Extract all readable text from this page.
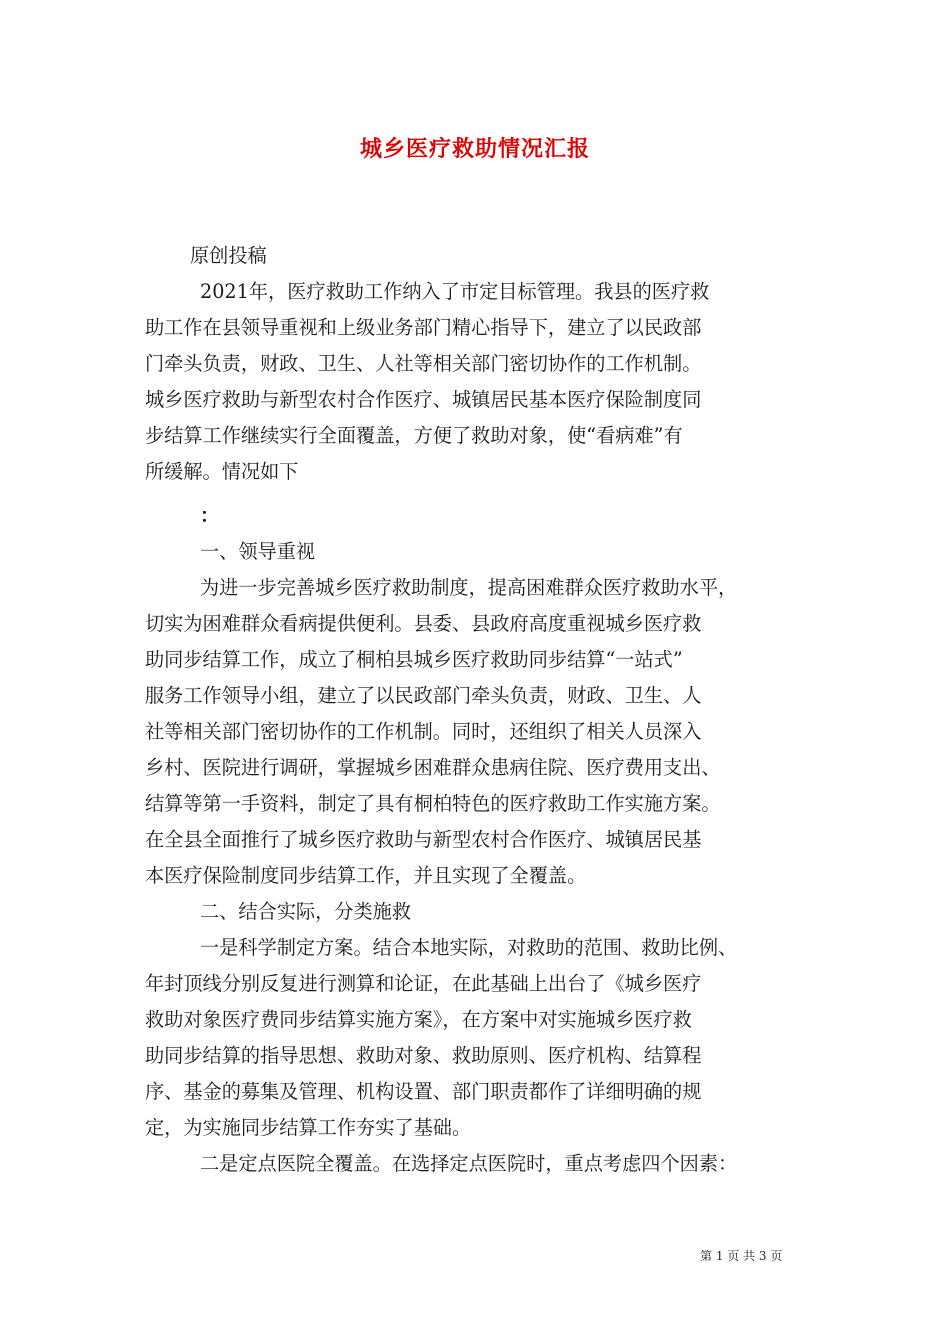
城乡医疗救助情况汇报

原创投稿

2021年，医疗救助工作纳入了市定目标管理。我县的医疗救

助工作在县领导重视和上级业务部门精心指导下，建立了以民政部

门牵头负责，财政、卫生、人社等相关部门密切协作的工作机制。

城乡医疗救助与新型农村合作医疗、城镇居民基本医疗保险制度同

步结算工作继续实行全面覆盖，方便了救助对象，使“看病难”有

所缓解。情况如下

：

一、领导重视

为进一步完善城乡医疗救助制度，提高困难群众医疗救助水平，

切实为困难群众看病提供便利。县委、县政府高度重视城乡医疗救

助同步结算工作，成立了桐柏县城乡医疗救助同步结算“一站式”

服务工作领导小组，建立了以民政部门牵头负责，财政、卫生、人

社等相关部门密切协作的工作机制。同时，还组织了相关人员深入

乡村、医院进行调研，掌握城乡困难群众患病住院、医疗费用支出、

结算等第一手资料，制定了具有桐柏特色的医疗救助工作实施方案。

在全县全面推行了城乡医疗救助与新型农村合作医疗、城镇居民基

本医疗保险制度同步结算工作，并且实现了全覆盖。

二、结合实际，分类施救

一是科学制定方案。结合本地实际，对救助的范围、救助比例、

年封顶线分别反复进行测算和论证，在此基础上出台了《城乡医疗

救助对象医疗费同步结算实施方案》，在方案中对实施城乡医疗救

助同步结算的指导思想、救助对象、救助原则、医疗机构、结算程

序、基金的募集及管理、机构设置、部门职责都作了详细明确的规

定，为实施同步结算工作夯实了基础。

二是定点医院全覆盖。在选择定点医院时，重点考虑四个因素：

第 1 页 共 3 页
